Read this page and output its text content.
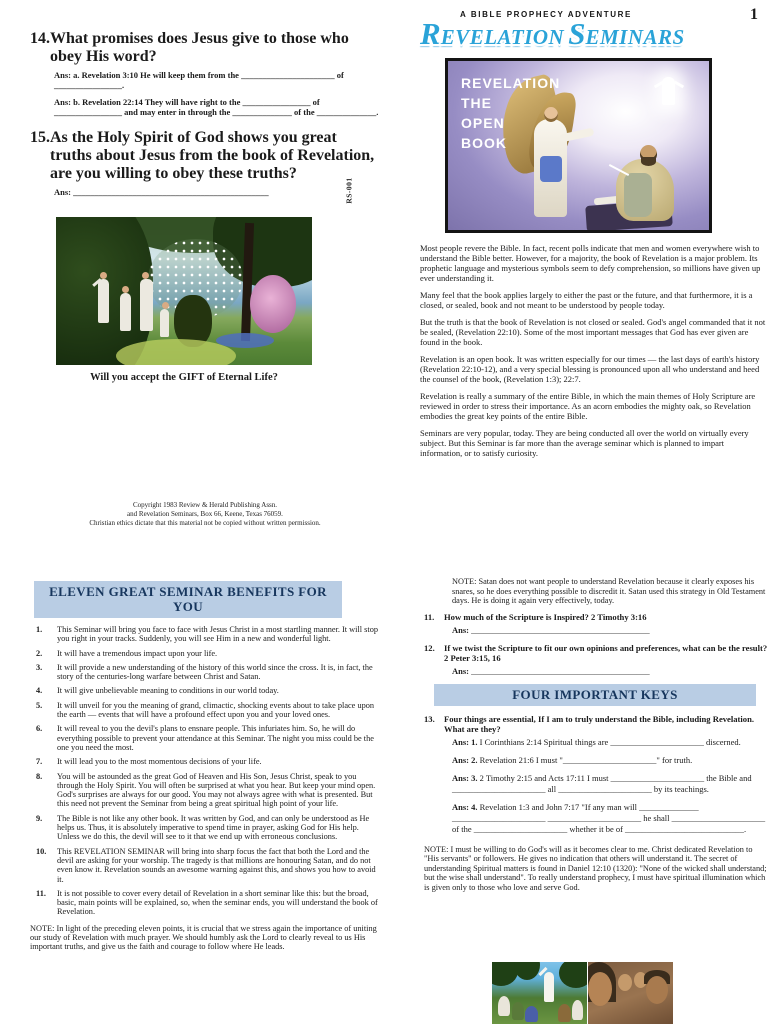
14. What promises does Jesus give to those who obey His word?
Ans: a. Revelation 3:10 He will keep them from the ______________________ of ________________.
Ans: b. Revelation 22:14 They will have right to the ________________ of ________________ and may enter in through the ______________ of the ______________.
15. As the Holy Spirit of God shows you great truths about Jesus from the book of Revelation, are you willing to obey these truths?
Ans: ______________________________________________
Will you accept the GIFT of Eternal Life?
Copyright 1983 Review & Herald Publishing Assn.
and Revelation Seminars, Box 66, Keene, Texas 76059.
Christian ethics dictate that this material not be copied without written permission.
RS-001
ELEVEN GREAT SEMINAR BENEFITS FOR YOU
1.	This Seminar will bring you face to face with Jesus Christ in a most startling manner. It will stop you right in your tracks. Suddenly, you will see Him in a new and wonderful light.
2.	It will have a tremendous impact upon your life.
3.	It will provide a new understanding of the history of this world since the cross. It is, in fact, the story of the centuries-long warfare between Christ and Satan.
4.	It will give unbelievable meaning to conditions in our world today.
5.	It will unveil for you the meaning of grand, climactic, shocking events about to take place upon the earth — events that will have a profound effect upon you and your loved ones.
6.	It will reveal to you the devil's plans to ensnare people. This infuriates him. So, he will do everything possible to prevent your attendance at this Seminar. The night you miss could be the one you need the most.
7.	It will lead you to the most momentous decisions of your life.
8.	You will be astounded as the great God of Heaven and His Son, Jesus Christ, speak to you through the Holy Spirit. You will often be surprised at what you hear. But keep your mind open. God's surprises are always for our good. You may not always agree with what is presented. But this need not prevent the Seminar from being a great spiritual high point of your life.
9.	The Bible is not like any other book. It was written by God, and can only be understood as He helps us. Thus, it is absolutely imperative to spend time in prayer, asking God for His help. Unless we do this, the devil will see to it that we end up with erroneous conclusions.
10.	This REVELATION SEMINAR will bring into sharp focus the fact that both the Lord and the devil are asking for your worship. The tragedy is that millions are honouring Satan, and do not even know it. Revelation sounds an awesome warning against this, and shows you how to avoid it.
11.	It is not possible to cover every detail of Revelation in a short seminar like this: but the broad, basic, main points will be explained, so, when the seminar ends, you will understand the book of Revelation.
NOTE: In light of the preceding eleven points, it is crucial that we stress again the importance of uniting our study of Revelation with much prayer. We should humbly ask the Lord to clearly reveal to us His important truths, and give us the faith and courage to follow where He leads.
A BIBLE PROPHECY ADVENTURE
REVELATION SEMINARS
REVELATION
THE
OPEN
BOOK

Most people revere the Bible. In fact, recent polls indicate that men and women everywhere wish to understand the Bible better. However, for a majority, the book of Revelation is a major problem. Its prophetic language and mysterious symbols seem to defy comprehension, so millions have given up ever understanding it.

Many feel that the book applies largely to either the past or the future, and that furthermore, it is a closed, or sealed, book and not meant to be understood by people today.

But the truth is that the book of Revelation is not closed or sealed. God's angel commanded that it not be sealed, (Revelation 22:10). Some of the most important messages that God has ever given are found in the book.

Revelation is an open book. It was written especially for our times — the last days of earth's history (Revelation 22:10-12), and a very special blessing is pronounced upon all who understand and heed the counsel of the book, (Revelation 1:3); 22:7.

Revelation is really a summary of the entire Bible, in which the main themes of Holy Scripture are reviewed in order to stress their importance. As an acorn embodies the mighty oak, so Revelation embodies the great key points of the entire Bible.

Seminars are very popular, today. They are being conducted all over the world on virtually every subject. But this Seminar is far more than the average seminar which is planned to impart information, or to satisfy curiosity.

1
NOTE: Satan does not want people to understand Revelation because it clearly exposes his snares, so he does everything possible to discredit it. Satan used this strategy in Old Testament days. He is doing it again very effectively, today.
11.	How much of the Scripture is Inspired? 2 Timothy 3:16
Ans: __________________________________________
12.	If we twist the Scripture to fit our own opinions and preferences, what can be the result? 2 Peter 3:15, 16
Ans: __________________________________________
FOUR IMPORTANT KEYS
13.	Four things are essential, If I am to truly understand the Bible, including Revelation. What are they?
Ans: 1. I Corinthians 2:14 Spiritual things are ______________________ discerned.
Ans: 2. Revelation 21:6 I must "______________________" for truth.
Ans: 3. 2 Timothy 2:15 and Acts 17:11 I must ______________________ the Bible and ______________________ all ______________________ by its teachings.
Ans: 4. Revelation 1:3 and John 7:17 "If any man will ______________ ______________________ ______________________ he shall ______________________ of the ______________________ whether it be of ____________________________.
NOTE: I must be willing to do God's will as it becomes clear to me. Christ dedicated Revelation to "His servants" or followers. He gives no indication that others will understand it. The secret of understanding Spiritual matters is found in Daniel 12:10 (1320): "None of the wicked shall understand; but the wise shall understand". To really understand prophecy, I must have spiritual illumination which is given only to those who love and serve God.
